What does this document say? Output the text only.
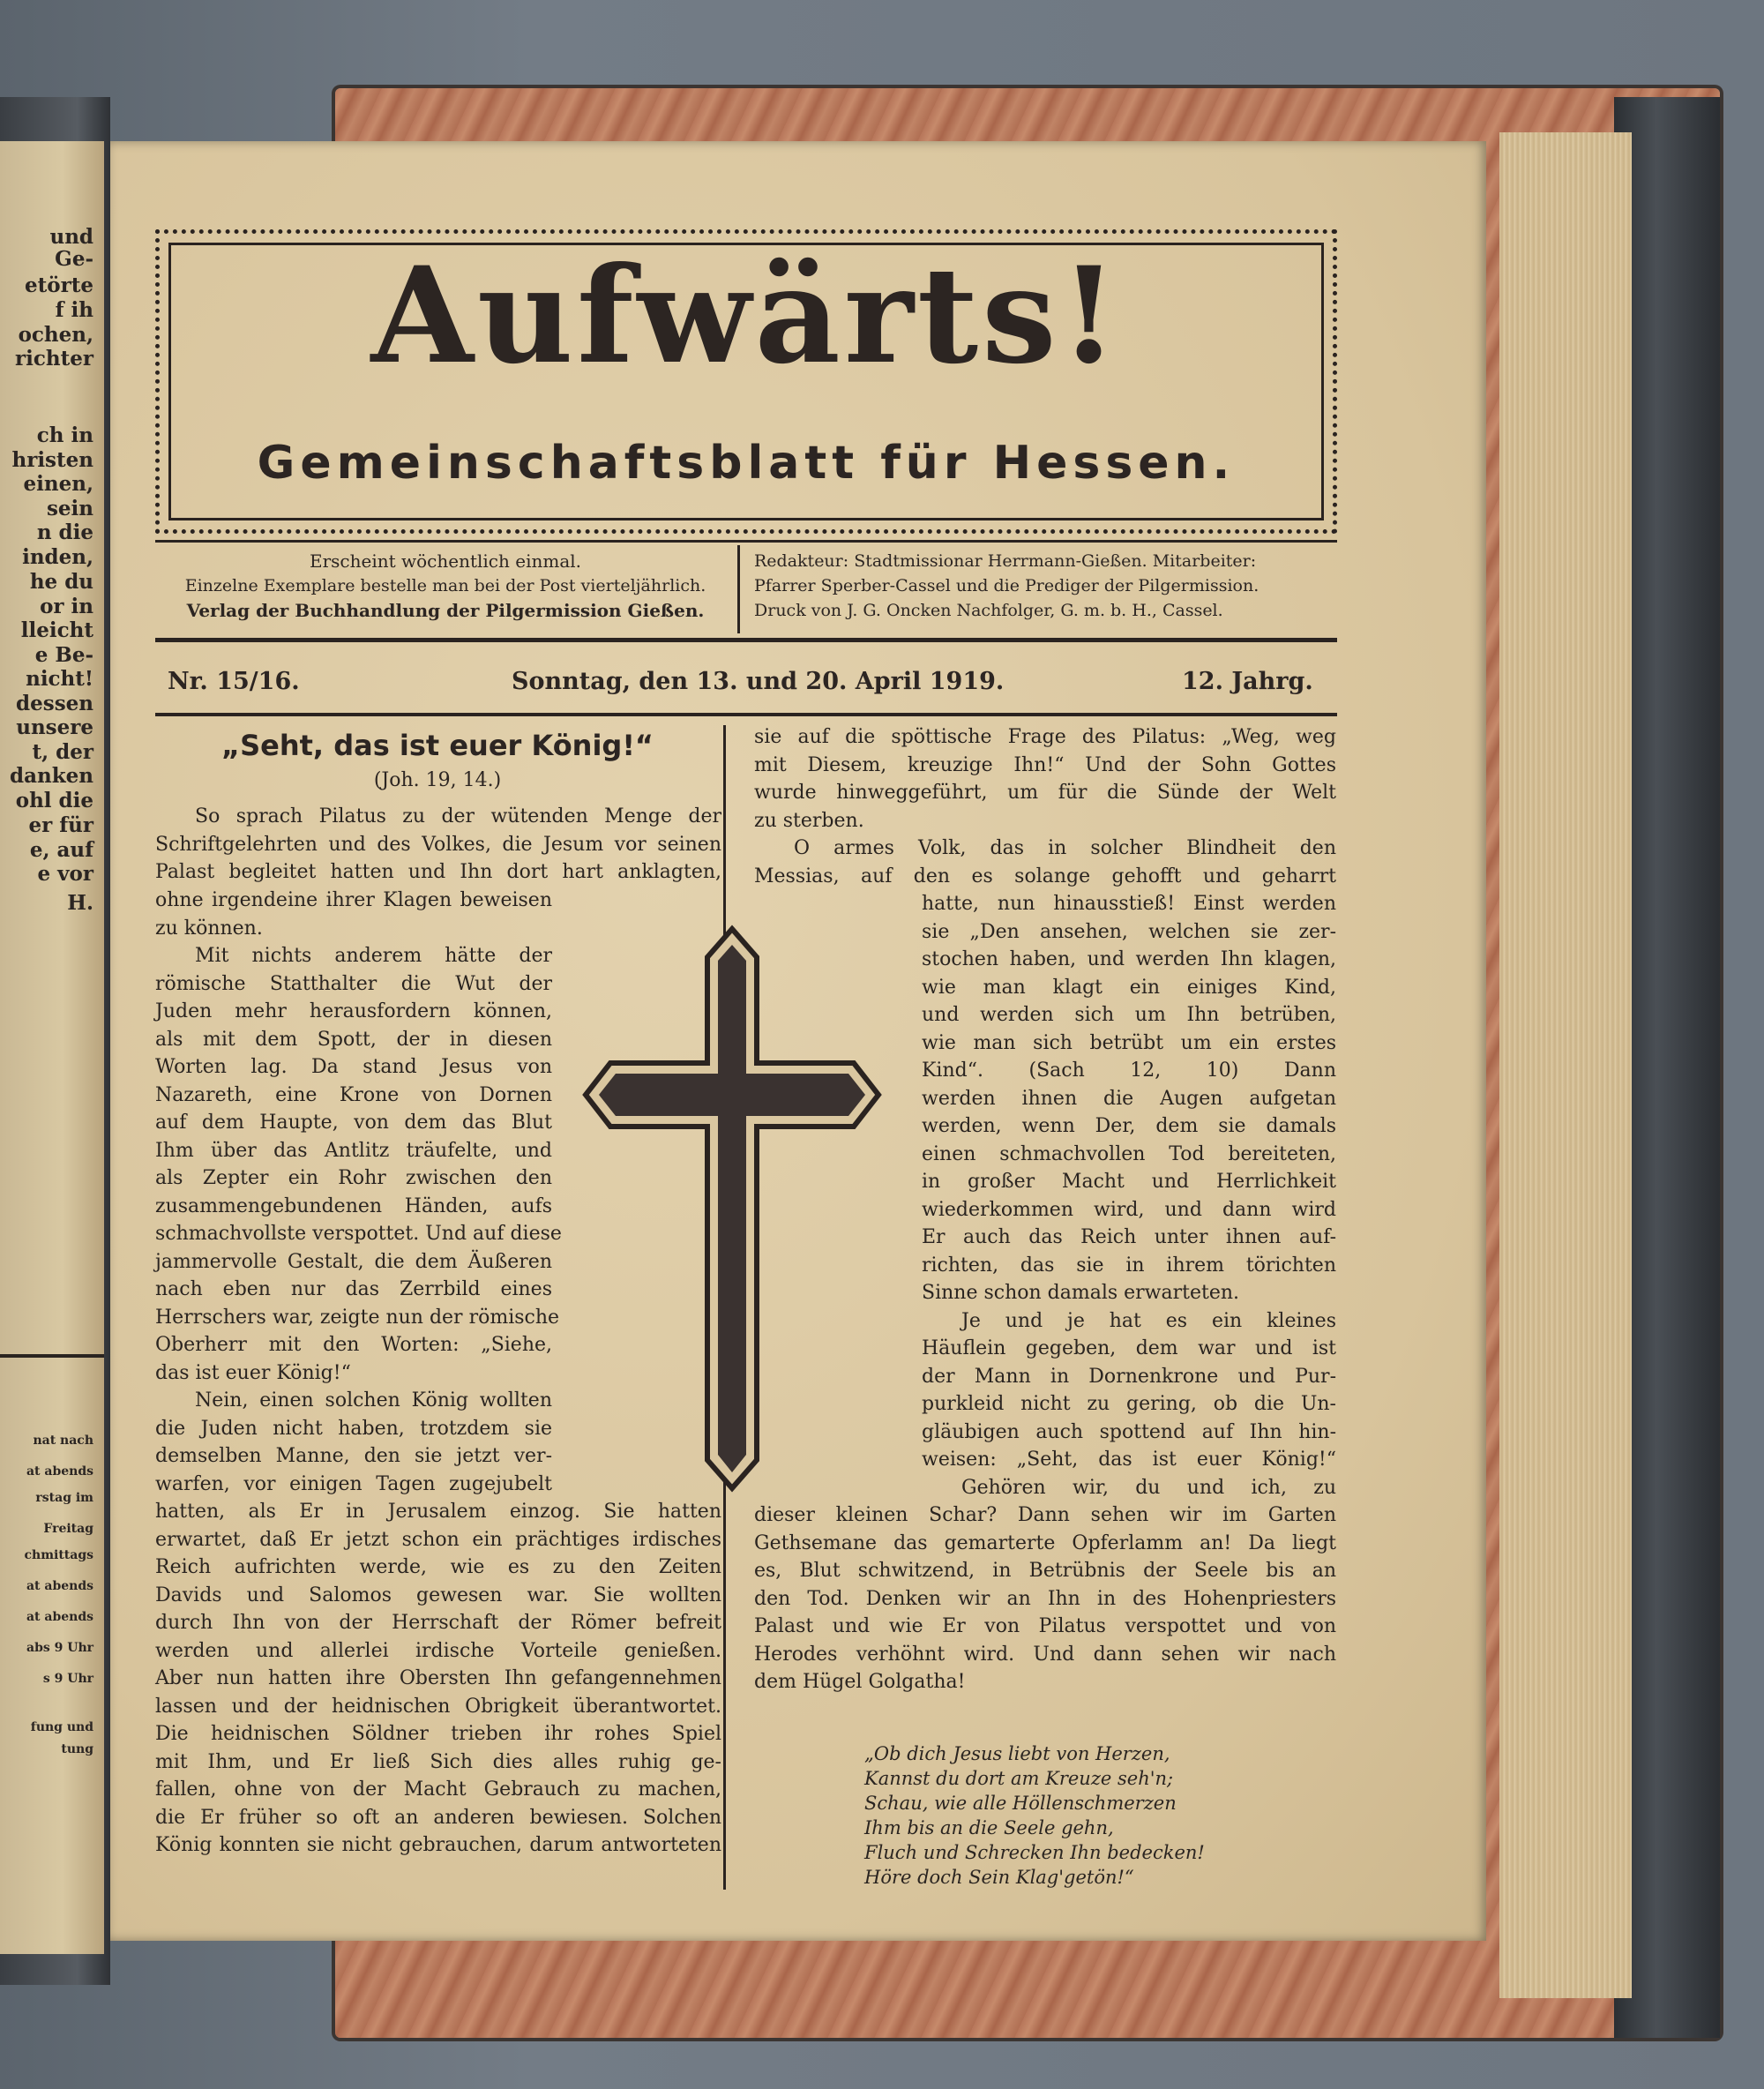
und
Ge-
etörte
f ih
ochen,
richter
ch in
hristen
einen,
sein
n die
inden,
he du
or in
lleicht
e Be-
nicht!
dessen
unsere
t, der
danken
ohl die
er für
e, auf
e vor
H.
nat nach
at abends
rstag im
Freitag
chmittags
at abends
at abends
abs 9 Uhr
s 9 Uhr
fung und
tung
Aufwärts!
Gemeinschaftsblatt für Hessen.
Erscheint wöchentlich einmal.
Einzelne Exemplare bestelle man bei der Post vierteljährlich.
Verlag der Buchhandlung der Pilgermission Gießen.
Redakteur: Stadtmissionar Herrmann-Gießen. Mitarbeiter:
Pfarrer Sperber-Cassel und die Prediger der Pilgermission.
Druck von J. G. Oncken Nachfolger, G. m. b. H., Cassel.
Nr. 15/16.	Sonntag, den 13. und 20. April 1919.	12. Jahrg.
„Seht, das ist euer König!“
(Joh. 19, 14.)
So sprach Pilatus zu der wütenden Menge der
Schriftgelehrten und des Volkes, die Jesum vor seinen
Palast begleitet hatten und Ihn dort hart anklagten,
ohne irgendeine ihrer Klagen beweisen
zu können.
Mit nichts anderem hätte der
römische Statthalter die Wut der
Juden mehr herausfordern können,
als mit dem Spott, der in diesen
Worten lag. Da stand Jesus von
Nazareth, eine Krone von Dornen
auf dem Haupte, von dem das Blut
Ihm über das Antlitz träufelte, und
als Zepter ein Rohr zwischen den
zusammengebundenen Händen, aufs
schmachvollste verspottet. Und auf diese
jammervolle Gestalt, die dem Äußeren
nach eben nur das Zerrbild eines
Herrschers war, zeigte nun der römische
Oberherr mit den Worten: „Siehe,
das ist euer König!“
Nein, einen solchen König wollten
die Juden nicht haben, trotzdem sie
demselben Manne, den sie jetzt ver-
warfen, vor einigen Tagen zugejubelt
hatten, als Er in Jerusalem einzog. Sie hatten
erwartet, daß Er jetzt schon ein prächtiges irdisches
Reich aufrichten werde, wie es zu den Zeiten
Davids und Salomos gewesen war. Sie wollten
durch Ihn von der Herrschaft der Römer befreit
werden und allerlei irdische Vorteile genießen.
Aber nun hatten ihre Obersten Ihn gefangennehmen
lassen und der heidnischen Obrigkeit überantwortet.
Die heidnischen Söldner trieben ihr rohes Spiel
mit Ihm, und Er ließ Sich dies alles ruhig ge-
fallen, ohne von der Macht Gebrauch zu machen,
die Er früher so oft an anderen bewiesen. Solchen
König konnten sie nicht gebrauchen, darum antworteten
sie auf die spöttische Frage des Pilatus: „Weg, weg
mit Diesem, kreuzige Ihn!“ Und der Sohn Gottes
wurde hinweggeführt, um für die Sünde der Welt
zu sterben.
O armes Volk, das in solcher Blindheit den
Messias, auf den es solange gehofft und geharrt
hatte, nun hinausstieß! Einst werden
sie „Den ansehen, welchen sie zer-
stochen haben, und werden Ihn klagen,
wie man klagt ein einiges Kind,
und werden sich um Ihn betrüben,
wie man sich betrübt um ein erstes
Kind“. (Sach 12, 10) Dann
werden ihnen die Augen aufgetan
werden, wenn Der, dem sie damals
einen schmachvollen Tod bereiteten,
in großer Macht und Herrlichkeit
wiederkommen wird, und dann wird
Er auch das Reich unter ihnen auf-
richten, das sie in ihrem törichten
Sinne schon damals erwarteten.
Je und je hat es ein kleines
Häuflein gegeben, dem war und ist
der Mann in Dornenkrone und Pur-
purkleid nicht zu gering, ob die Un-
gläubigen auch spottend auf Ihn hin-
weisen: „Seht, das ist euer König!“
Gehören wir, du und ich, zu
dieser kleinen Schar? Dann sehen wir im Garten
Gethsemane das gemarterte Opferlamm an! Da liegt
es, Blut schwitzend, in Betrübnis der Seele bis an
den Tod. Denken wir an Ihn in des Hohenpriesters
Palast und wie Er von Pilatus verspottet und von
Herodes verhöhnt wird. Und dann sehen wir nach
dem Hügel Golgatha!
„Ob dich Jesus liebt von Herzen,
Kannst du dort am Kreuze seh'n;
Schau, wie alle Höllenschmerzen
Ihm bis an die Seele gehn,
Fluch und Schrecken Ihn bedecken!
Höre doch Sein Klag'getön!“
